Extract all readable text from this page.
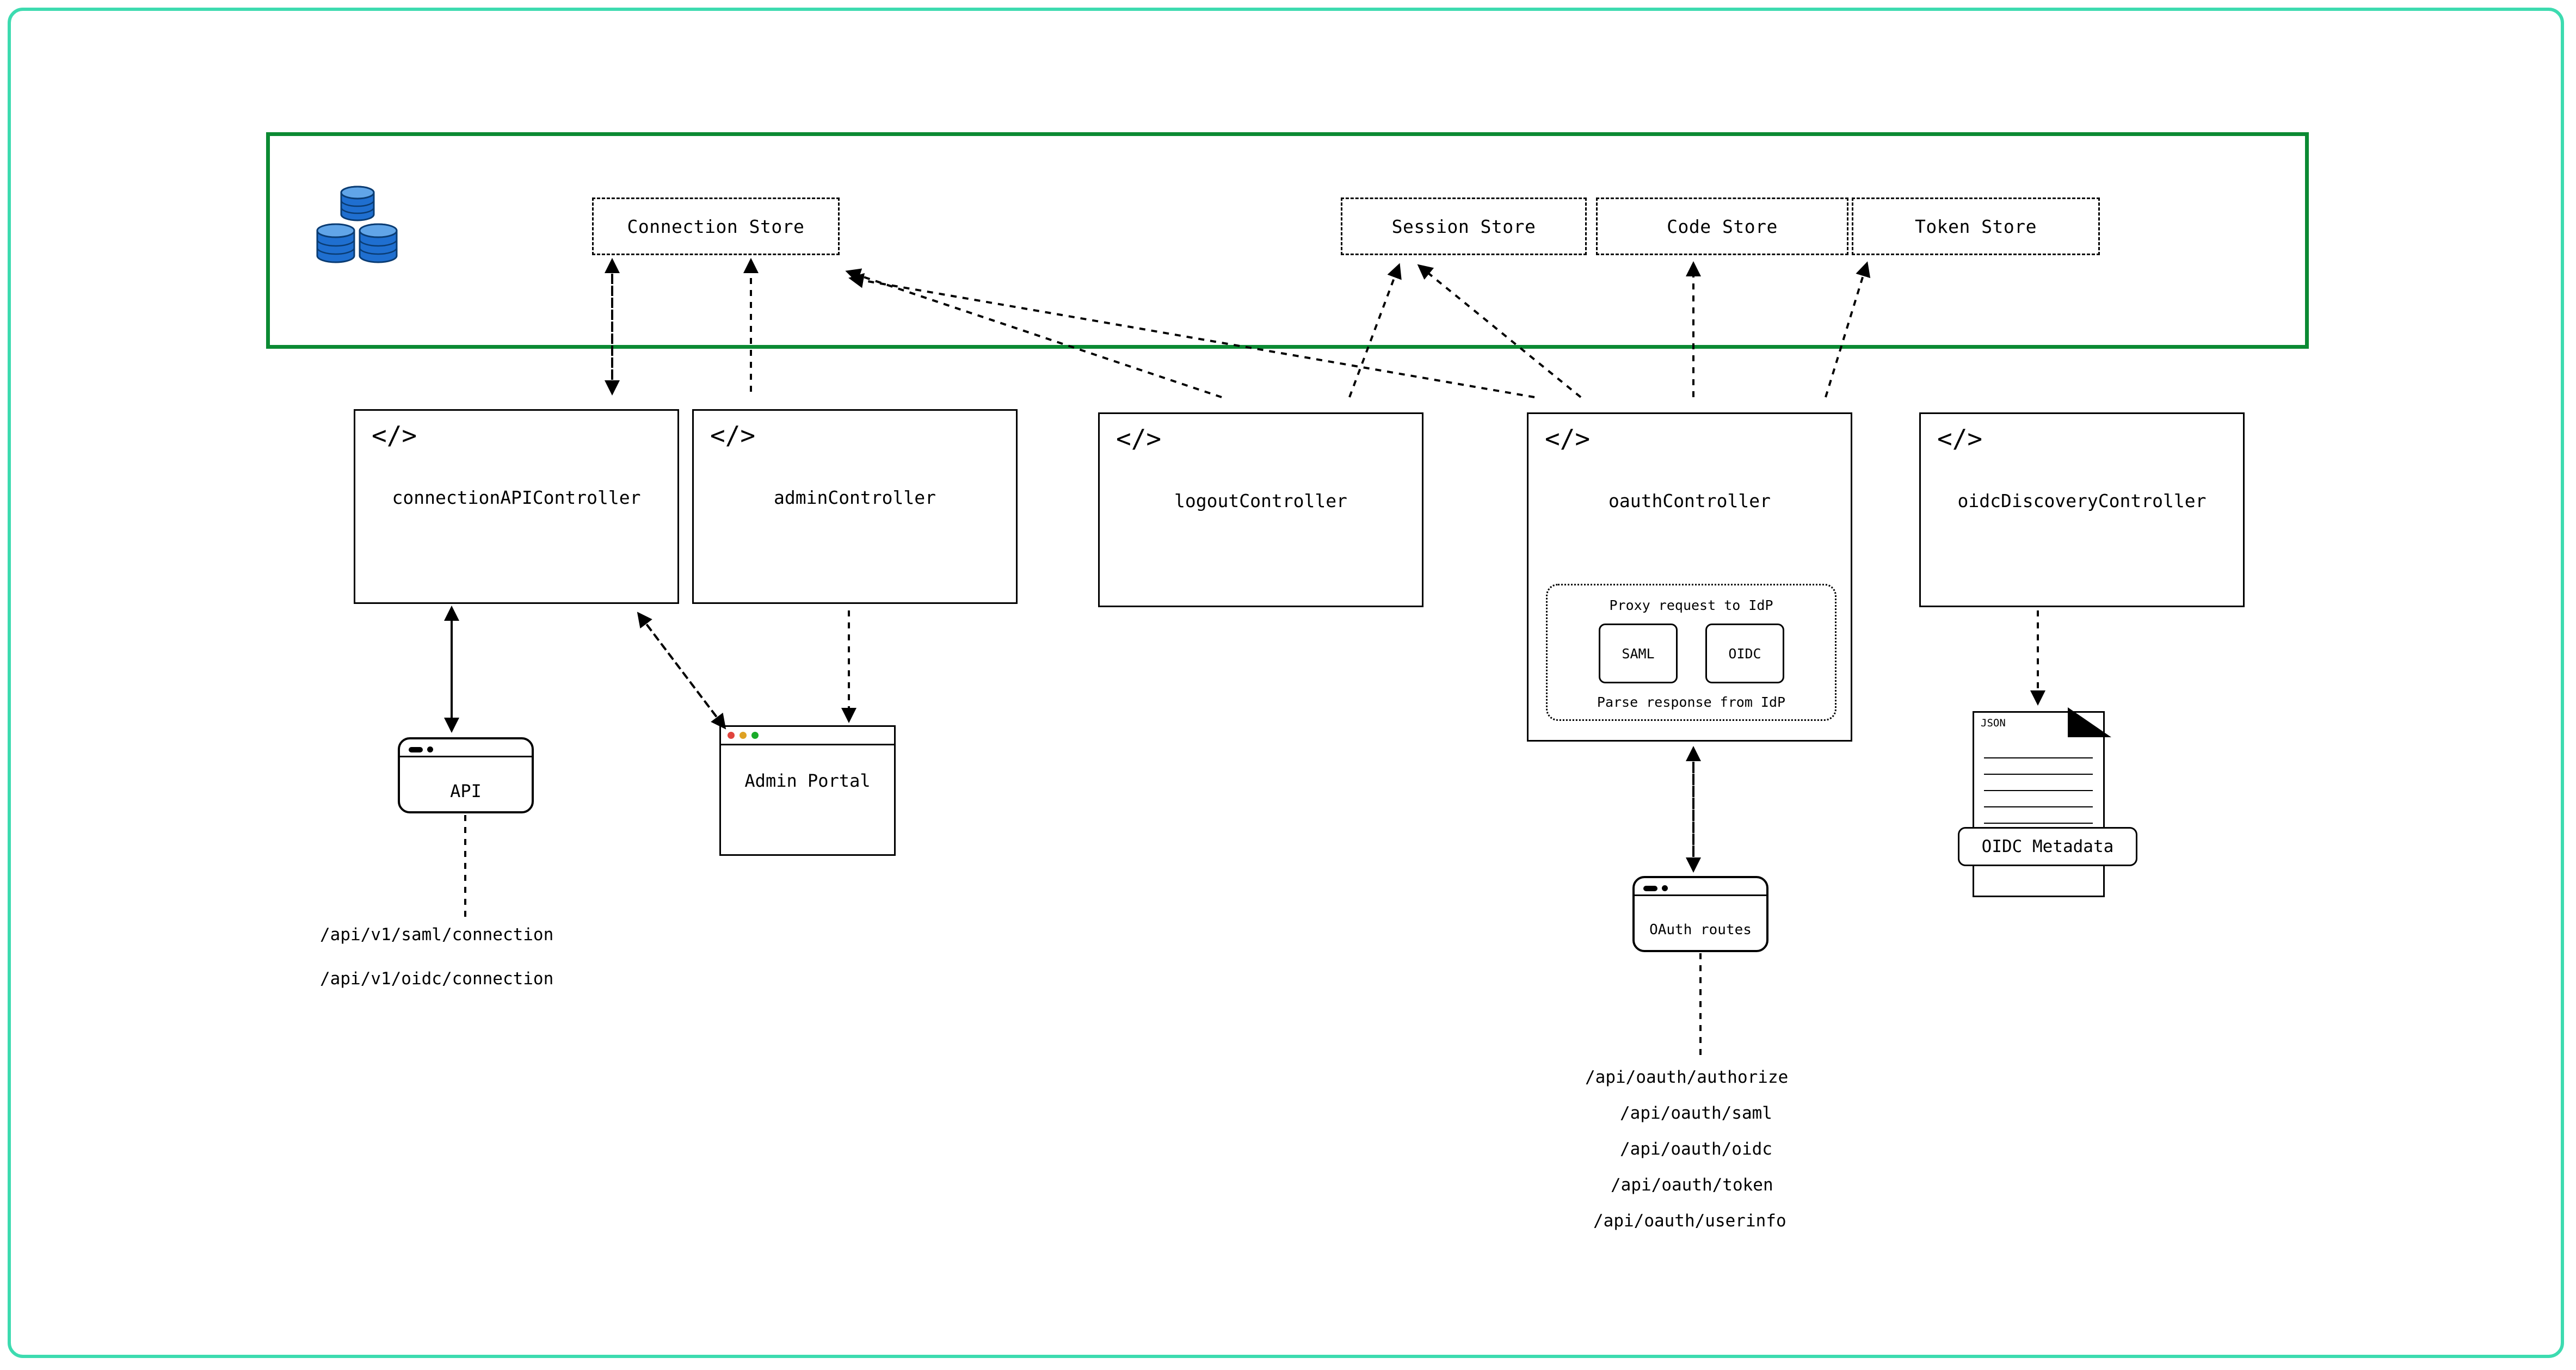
Connection Store	Session Store	Code Store	Token Store
</>
connectionAPIController
</>
adminController
</>
logoutController
</>
oauthController
Proxy request to IdP
SAML	OIDC
Parse response from IdP
</>
oidcDiscoveryController
API	Admin Portal
OAuth routes
JSON
OIDC Metadata
/api/v1/saml/connection
/api/v1/oidc/connection
/api/oauth/authorize
/api/oauth/saml
/api/oauth/oidc
/api/oauth/token
/api/oauth/userinfo
